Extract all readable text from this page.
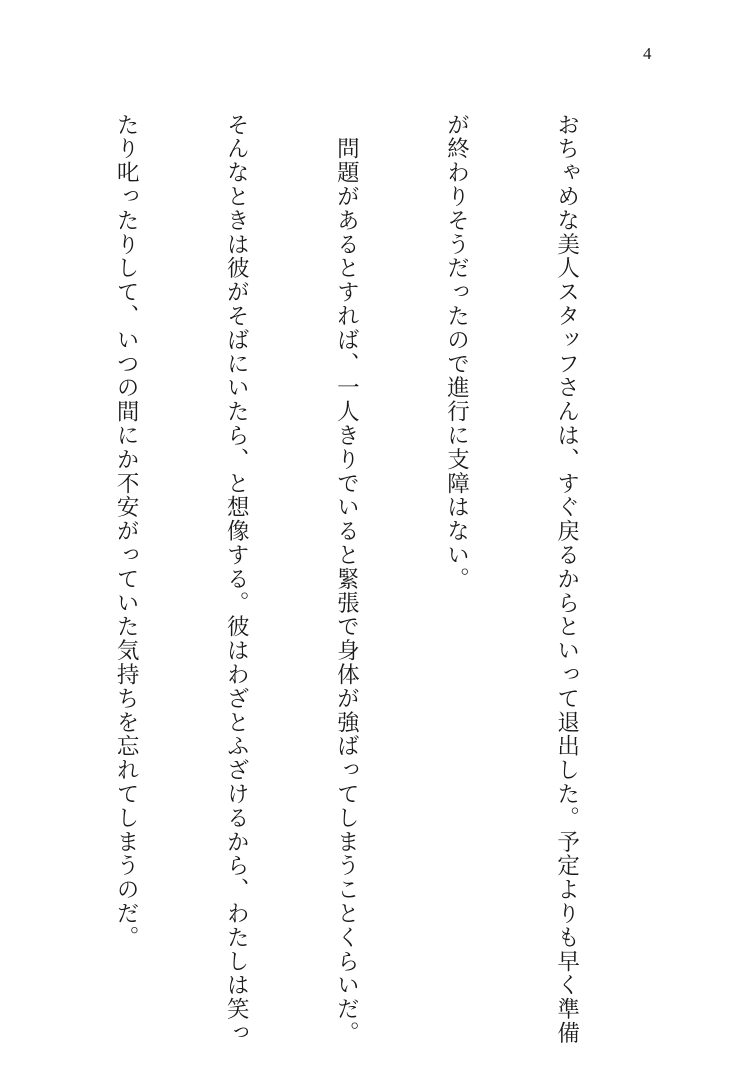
4

おちゃめな美人スタッフさんは、すぐ戻るからといって退出した。予定よりも早く準備

が終わりそうだったので進行に支障はない。

　問題があるとすれば、一人きりでいると緊張で身体が強ばってしまうことくらいだ。

そんなときは彼がそばにいたら、と想像する。彼はわざとふざけるから、わたしは笑っ

たり叱ったりして、いつの間にか不安がっていた気持ちを忘れてしまうのだ。
